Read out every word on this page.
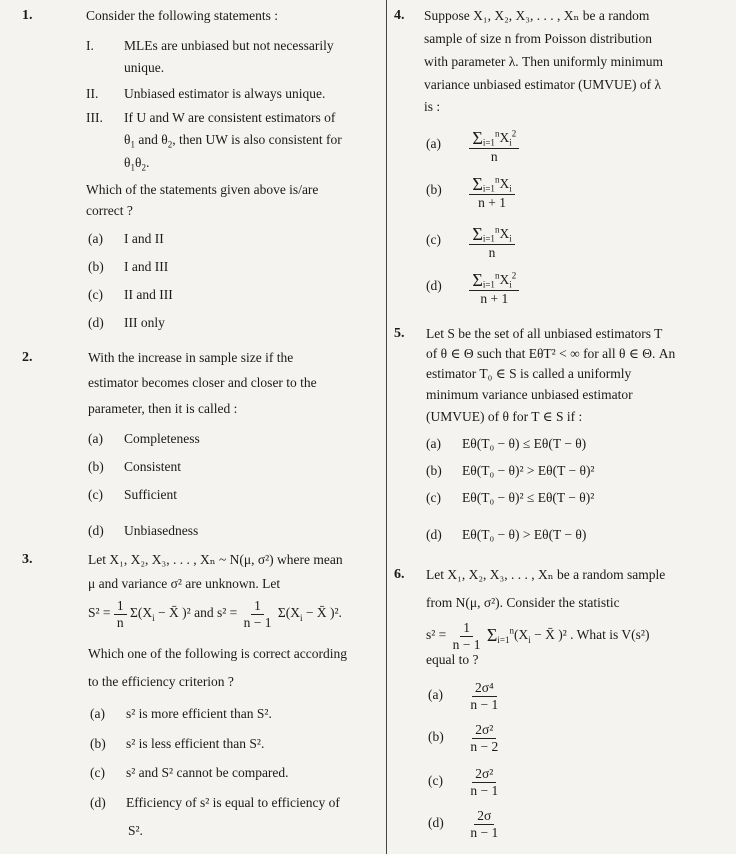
1.	Consider the following statements :
I. MLEs are unbiased but not necessarily
unique.
II. Unbiased estimator is always unique.
III. If U and W are consistent estimators of
$\theta_1$ and $\theta_2$, then UW is also consistent for
$\theta_1\theta_2$.
Which of the statements given above is/are
correct ?
(a) I and II
(b) I and III
(c) II and III
(d) III only
2.	With the increase in sample size if the
estimator becomes closer and closer to the
parameter, then it is called :
(a) Completeness
(b) Consistent
(c) Sufficient
(d) Unbiasedness
3.	Let X₁, X₂, X₃, . . . , Xₙ ~ N(μ, σ²) where mean
μ and variance σ² are unknown. Let
$S^2 = \frac{1}{n} \Sigma(X_i$ − X̄ )² and $s^2 = \frac{1}{n - 1} \Sigma(X_i$ − X̄ )².
Which one of the following is correct according
to the efficiency criterion ?
(a) s² is more efficient than S².
(b) s² is less efficient than S².
(c) s² and S² cannot be compared.
(d) Efficiency of s² is equal to efficiency of
S².
4. Suppose X₁, X₂, X₃, . . . , Xₙ be a random
sample of size n from Poisson distribution
with parameter λ. Then uniformly minimum
variance unbiased estimator (UMVUE) of λ
is :
$(a) \frac{\Sigma_{i=1}^nX_i^2}{n}$
$(b) \frac{\Sigma_{i=1}^nX_i}{n + 1}$
$(c) \frac{\Sigma_{i=1}^nX_i}{n}$
$(d) \frac{\Sigma_{i=1}^nX_i^2}{n + 1}$
5. Let S be the set of all unbiased estimators T
of θ ∈ Θ such that EθT² < ∞ for all θ ∈ Θ. An
estimator T₀ ∈ S is called a uniformly
minimum variance unbiased estimator
(UMVUE) of θ for T ∈ S if :
(a) Eθ(T₀ − θ) ≤ Eθ(T − θ)
(b) Eθ(T₀ − θ)² > Eθ(T − θ)²
(c) Eθ(T₀ − θ)² ≤ Eθ(T − θ)²
(d) Eθ(T₀ − θ) > Eθ(T − θ)
6. Let X₁, X₂, X₃, . . . , Xₙ be a random sample
from N(μ, σ²). Consider the statistic
$s^2 = \frac{1}{n - 1} \Sigma_{i=1}^n(X_i$ − X̄ )² . What is V(s²)
equal to ?
$(a) \frac{\text{2σ⁴}}{n - 1}$
$(b) \frac{\text{2σ²}}{n - 2}$
$(c) \frac{\text{2σ²}}{n - 1}$
$(d) \frac{2\sigma}{n - 1}$
